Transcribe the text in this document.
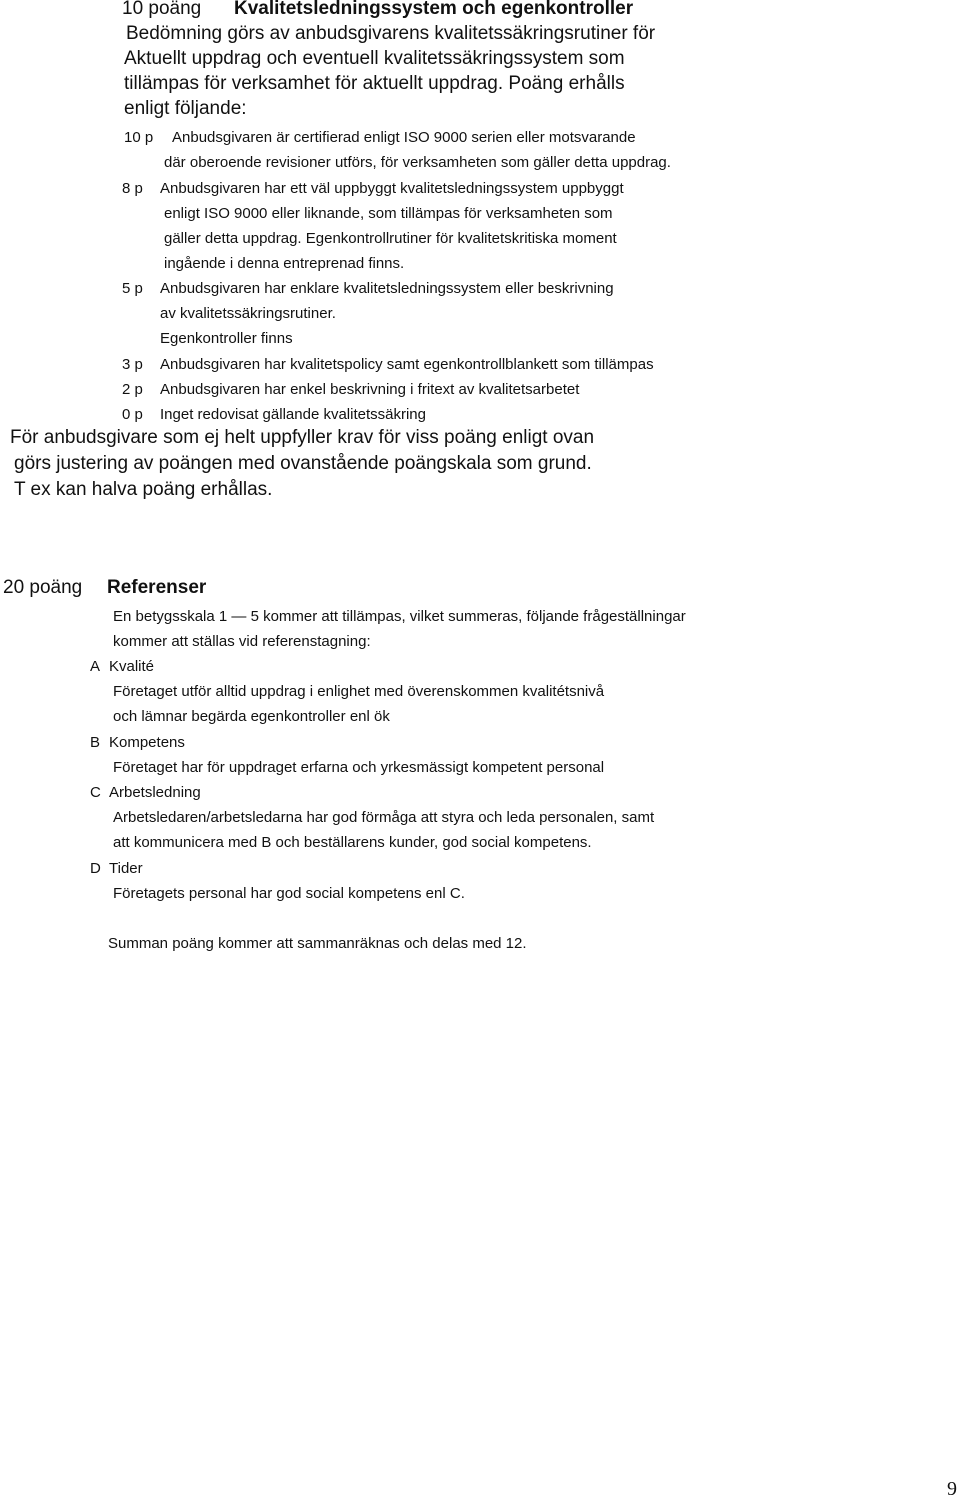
10 poäng Kvalitetsledningssystem och egenkontroller
Bedömning görs av anbudsgivarens kvalitetssäkringsrutiner för
Aktuellt uppdrag och eventuell kvalitetssäkringssystem som
tillämpas för verksamhet för aktuellt uppdrag. Poäng erhålls
enligt följande:
10 p Anbudsgivaren är certifierad enligt ISO 9000 serien eller motsvarande
där oberoende revisioner utförs, för verksamheten som gäller detta uppdrag.
8 p Anbudsgivaren har ett väl uppbyggt kvalitetsledningssystem uppbyggt
enligt ISO 9000 eller liknande, som tillämpas för verksamheten som
gäller detta uppdrag. Egenkontrollrutiner för kvalitetskritiska moment
ingående i denna entreprenad finns.
5 p Anbudsgivaren har enklare kvalitetsledningssystem eller beskrivning
av kvalitetssäkringsrutiner.
Egenkontroller finns
3 p Anbudsgivaren har kvalitetspolicy samt egenkontrollblankett som tillämpas
2 p Anbudsgivaren har enkel beskrivning i fritext av kvalitetsarbetet
0 p Inget redovisat gällande kvalitetssäkring
För anbudsgivare som ej helt uppfyller krav för viss poäng enligt ovan
görs justering av poängen med ovanstående poängskala som grund.
T ex kan halva poäng erhållas.
20 poäng Referenser
En betygsskala 1 — 5 kommer att tillämpas, vilket summeras, följande frågeställningar
kommer att ställas vid referenstagning:
A Kvalité
Företaget utför alltid uppdrag i enlighet med överenskommen kvalitétsnivå
och lämnar begärda egenkontroller enl ök
B Kompetens
Företaget har för uppdraget erfarna och yrkesmässigt kompetent personal
C Arbetsledning
Arbetsledaren/arbetsledarna har god förmåga att styra och leda personalen, samt
att kommunicera med B och beställarens kunder, god social kompetens.
D Tider
Företagets personal har god social kompetens enl C.
Summan poäng kommer att sammanräknas och delas med 12.
9
